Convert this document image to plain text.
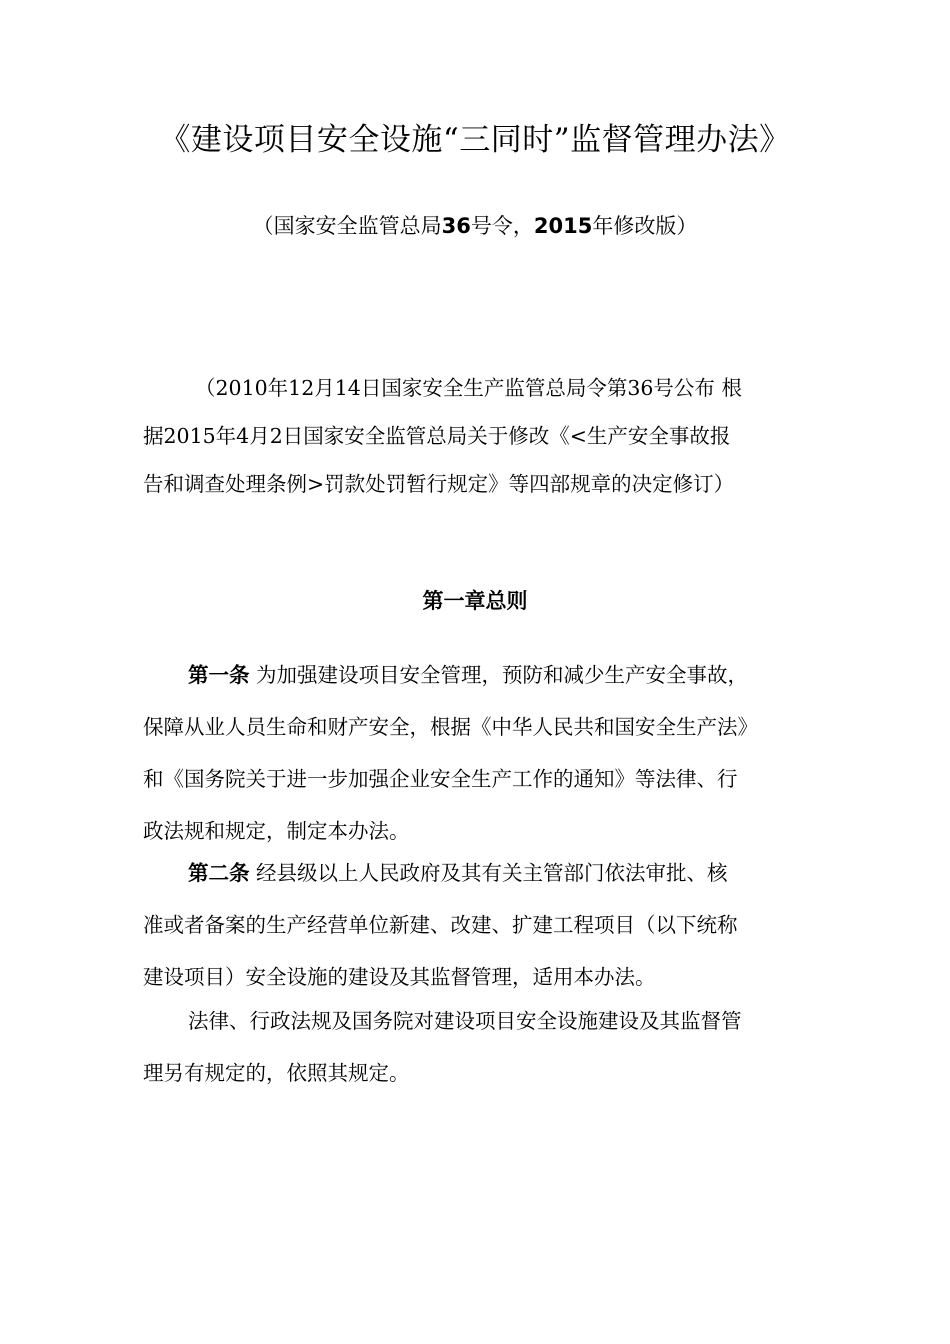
《建设项目安全设施“三同时”监督管理办法》
（国家安全监管总局36号令，2015年修改版）
（2010年12月14日国家安全生产监管总局令第36号公布 根
据2015年4月2日国家安全监管总局关于修改《<生产安全事故报
告和调查处理条例>罚款处罚暂行规定》等四部规章的决定修订）
第一章总则
第一条 为加强建设项目安全管理，预防和减少生产安全事故，
保障从业人员生命和财产安全，根据《中华人民共和国安全生产法》
和《国务院关于进一步加强企业安全生产工作的通知》等法律、行
政法规和规定，制定本办法。
第二条 经县级以上人民政府及其有关主管部门依法审批、核
准或者备案的生产经营单位新建、改建、扩建工程项目（以下统称
建设项目）安全设施的建设及其监督管理，适用本办法。
法律、行政法规及国务院对建设项目安全设施建设及其监督管
理另有规定的，依照其规定。
